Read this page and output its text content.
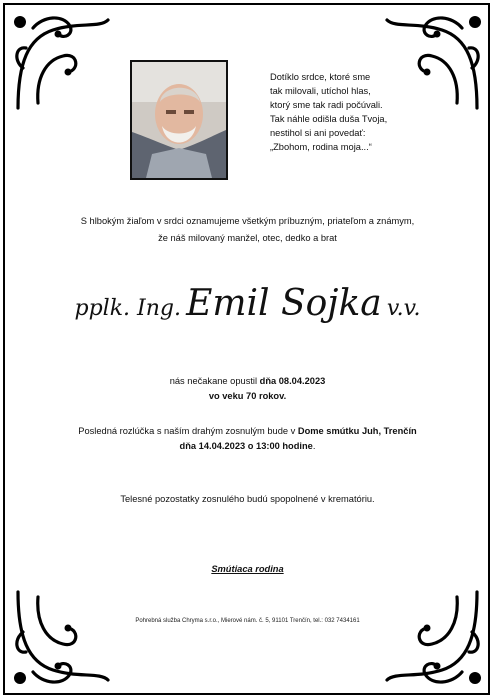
Dotíklo srdce, ktoré sme
tak milovali, utíchol hlas,
ktorý sme tak radi počúvali.
Tak náhle odišla duša Tvoja,
nestihol si ani povedať:
„Zbohom, rodina moja...“
S hlbokým žiaľom v srdci oznamujeme všetkým príbuzným, priateľom a známym,
že náš milovaný manžel, otec, dedko a brat
pplk. Ing. Emil Sojka v.v.
nás nečakane opustil dňa 08.04.2023
vo veku 70 rokov.
Posledná rozlúčka s naším drahým zosnulým bude v Dome smútku Juh, Trenčín
dňa 14.04.2023 o 13:00 hodine.
Telesné pozostatky zosnulého budú spopolnené v krematóriu.
Smútiaca rodina
Pohrebná služba Chryma s.r.o., Mierové nám. č. 5, 91101 Trenčín, tel.: 032 7434161
